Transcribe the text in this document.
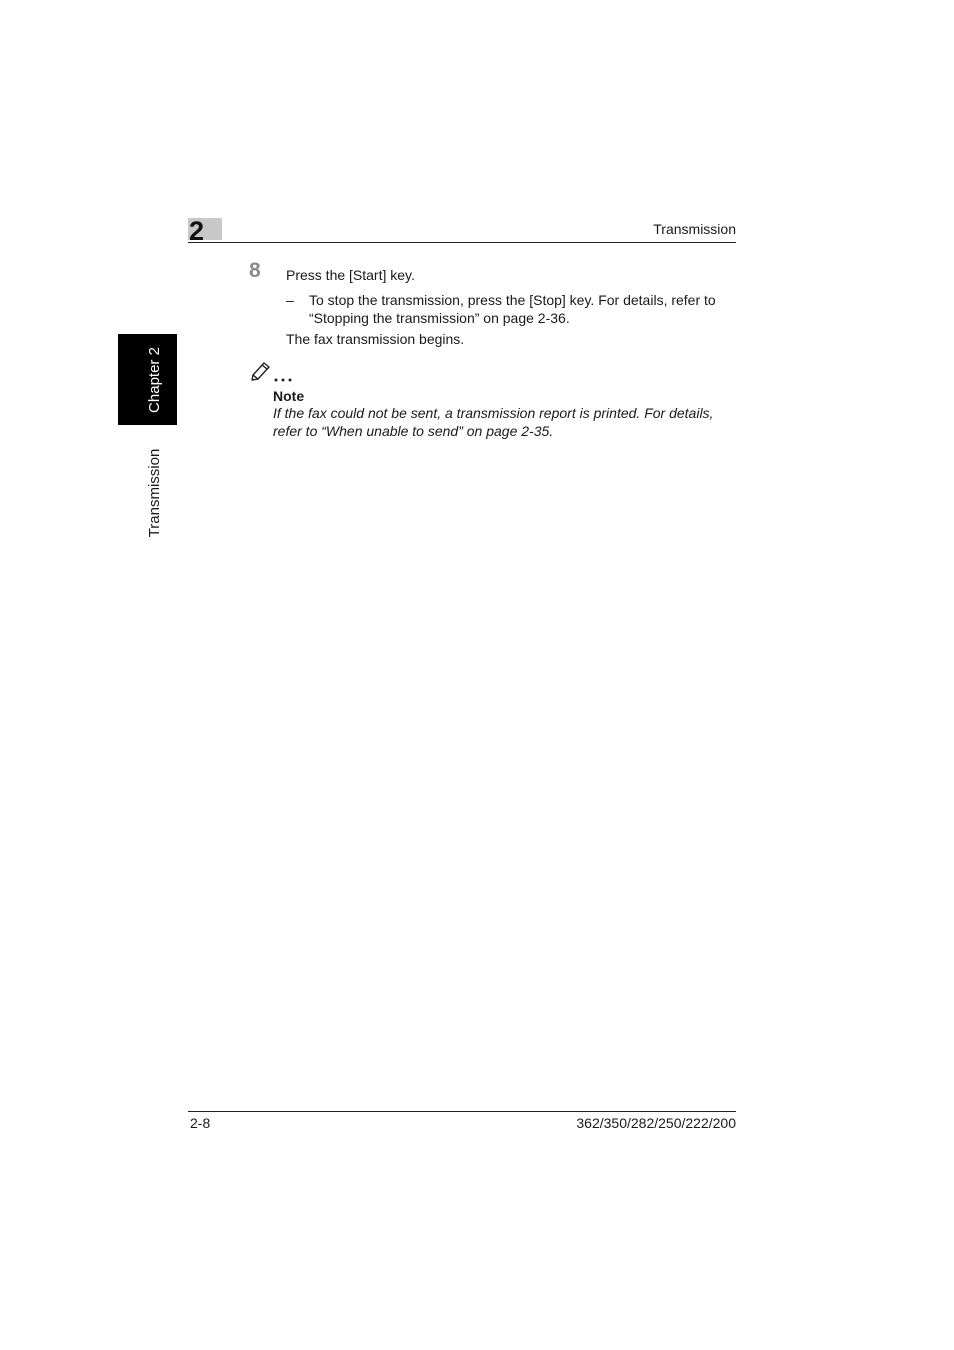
2	Transmission
Chapter 2
Transmission
8 Press the [Start] key.
– To stop the transmission, press the [Stop] key. For details, refer to “Stopping the transmission” on page 2-36.
The fax transmission begins.
Note
If the fax could not be sent, a transmission report is printed. For details, refer to “When unable to send” on page 2-35.
2-8	362/350/282/250/222/200
